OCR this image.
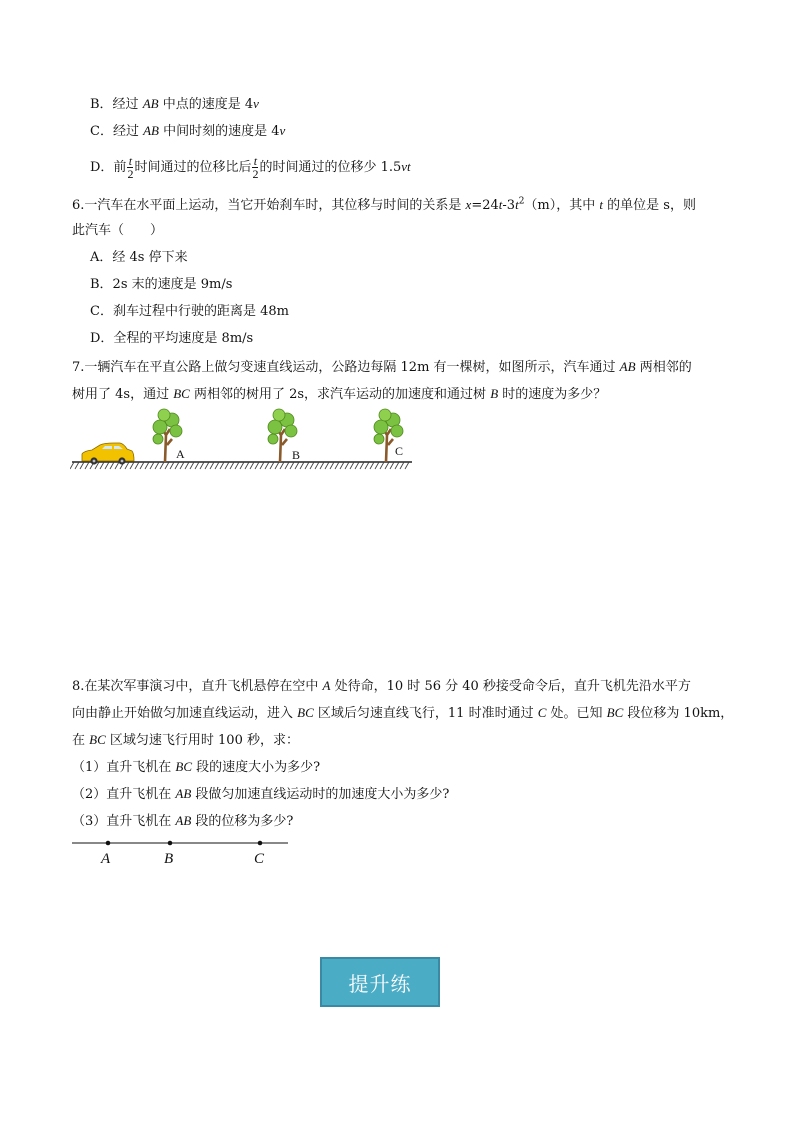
B．经过 AB 中点的速度是 4v
C．经过 AB 中间时刻的速度是 4v
D．前 $\frac{t}{2}$ 时间通过的位移比后 $\frac{t}{2}$ 的时间通过的位移少 1.5vt
6.一汽车在水平面上运动，当它开始刹车时，其位移与时间的关系是 $x=24t-3t^2(m)$，其中 t 的单位是 s，则
此汽车（　　）
A．经 4s 停下来
B．2s 末的速度是 9m/s
C．刹车过程中行驶的距离是 48m
D．全程的平均速度是 8m/s
7.一辆汽车在平直公路上做匀变速直线运动，公路边每隔 12m 有一棵树，如图所示，汽车通过 AB 两相邻的
树用了 4s，通过 BC 两相邻的树用了 2s，求汽车运动的加速度和通过树 B 时的速度为多少？
A	B	C
8.在某次军事演习中，直升飞机悬停在空中 A 处待命，10 时 56 分 40 秒接受命令后，直升飞机先沿水平方
向由静止开始做匀加速直线运动，进入 BC 区域后匀速直线飞行，11 时准时通过 C 处。已知 BC 段位移为 10km，
在 BC 区域匀速飞行用时 100 秒，求：
（1）直升飞机在 BC 段的速度大小为多少?
（2）直升飞机在 AB 段做匀加速直线运动时的加速度大小为多少?
（3）直升飞机在 AB 段的位移为多少?
A	B	C
提升练
